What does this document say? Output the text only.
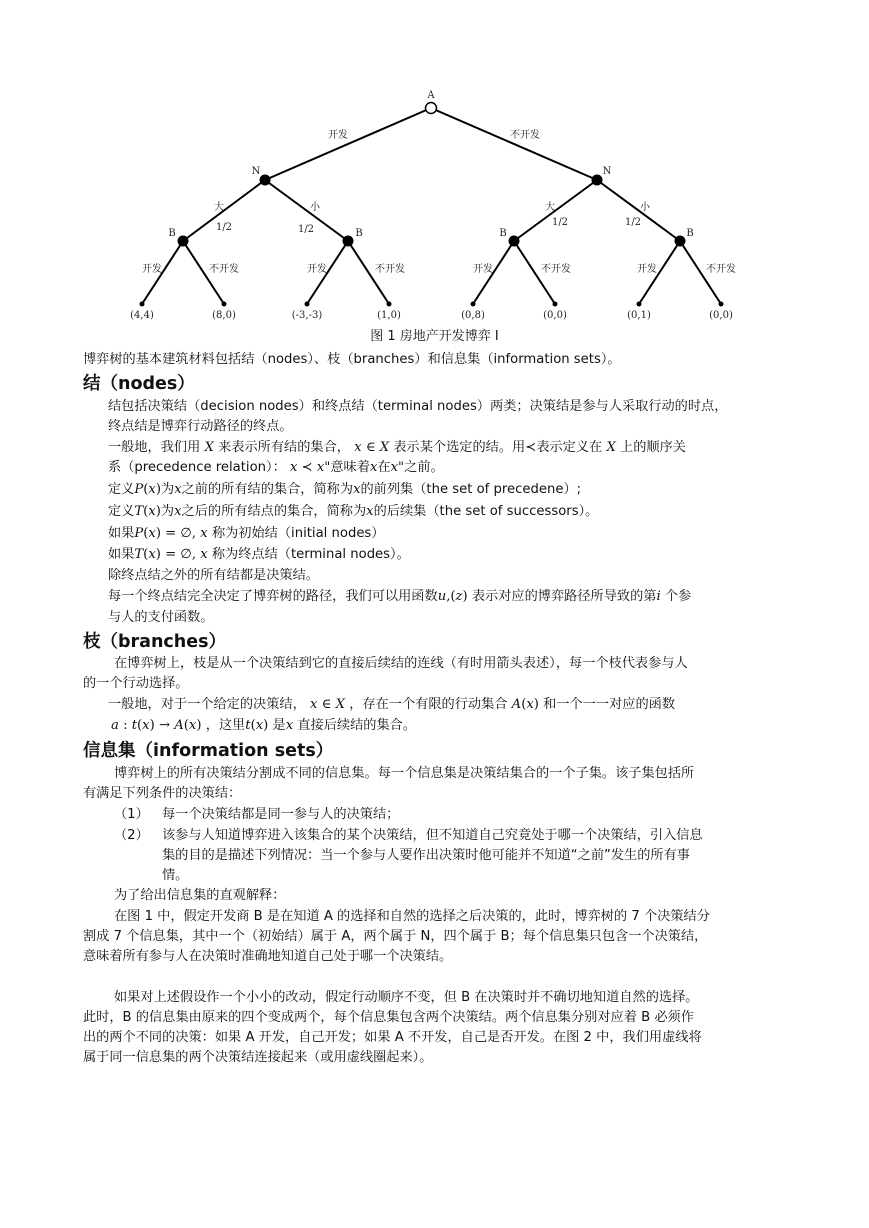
A
开发	不开发
N	N
大
1/2
小
1/2
大
1/2
小
1/2
B	B	B	B
开发	不开发	开发	不开发	开发	不开发	开发	不开发
(4,4)	(8,0)	(-3,-3)	(1,0)	(0,8)	(0,0)	(0,1)	(0,0)
图 1 房地产开发博弈 I
博弈树的基本建筑材料包括结（nodes）、枝（branches）和信息集（information sets）。
结（nodes）
结包括决策结（decision nodes）和终点结（terminal nodes）两类；决策结是参与人采取行动的时点，
终点结是博弈行动路径的终点。
一般地，我们用 X 来表示所有结的集合， x ∈ X 表示某个选定的结。用≺表示定义在 X 上的顺序关
系（precedence relation）： x ≺ x"意味着x在x"之前。
定义P(x)为x之前的所有结的集合，简称为x的前列集（the set of precedene）;
定义T(x)为x之后的所有结点的集合，简称为x的后续集（the set of successors）。
如果P(x) = ∅, x 称为初始结（initial nodes）
如果T(x) = ∅, x 称为终点结（terminal nodes）。
除终点结之外的所有结都是决策结。
每一个终点结完全决定了博弈树的路径，我们可以用函数u,(z) 表示对应的博弈路径所导致的第i 个参
与人的支付函数。
枝（branches）
在博弈树上，枝是从一个决策结到它的直接后续结的连线（有时用箭头表述），每一个枝代表参与人
的一个行动选择。
一般地，对于一个给定的决策结， x ∈ X ，存在一个有限的行动集合 A(x) 和一个一一对应的函数
a : t(x) → A(x) ，这里t(x) 是x 直接后续结的集合。
信息集（information sets）
博弈树上的所有决策结分割成不同的信息集。每一个信息集是决策结集合的一个子集。该子集包括所
有满足下列条件的决策结：
（1） 每一个决策结都是同一参与人的决策结；
（2） 该参与人知道博弈进入该集合的某个决策结，但不知道自己究竟处于哪一个决策结，引入信息
集的目的是描述下列情况：当一个参与人要作出决策时他可能并不知道“之前”发生的所有事
情。
为了给出信息集的直观解释：
在图 1 中，假定开发商 B 是在知道 A 的选择和自然的选择之后决策的，此时，博弈树的 7 个决策结分
割成 7 个信息集，其中一个（初始结）属于 A，两个属于 N，四个属于 B；每个信息集只包含一个决策结，
意味着所有参与人在决策时准确地知道自己处于哪一个决策结。
如果对上述假设作一个小小的改动，假定行动顺序不变，但 B 在决策时并不确切地知道自然的选择。
此时，B 的信息集由原来的四个变成两个，每个信息集包含两个决策结。两个信息集分别对应着 B 必须作
出的两个不同的决策：如果 A 开发，自己开发；如果 A 不开发，自己是否开发。在图 2 中，我们用虚线将
属于同一信息集的两个决策结连接起来（或用虚线圈起来）。
